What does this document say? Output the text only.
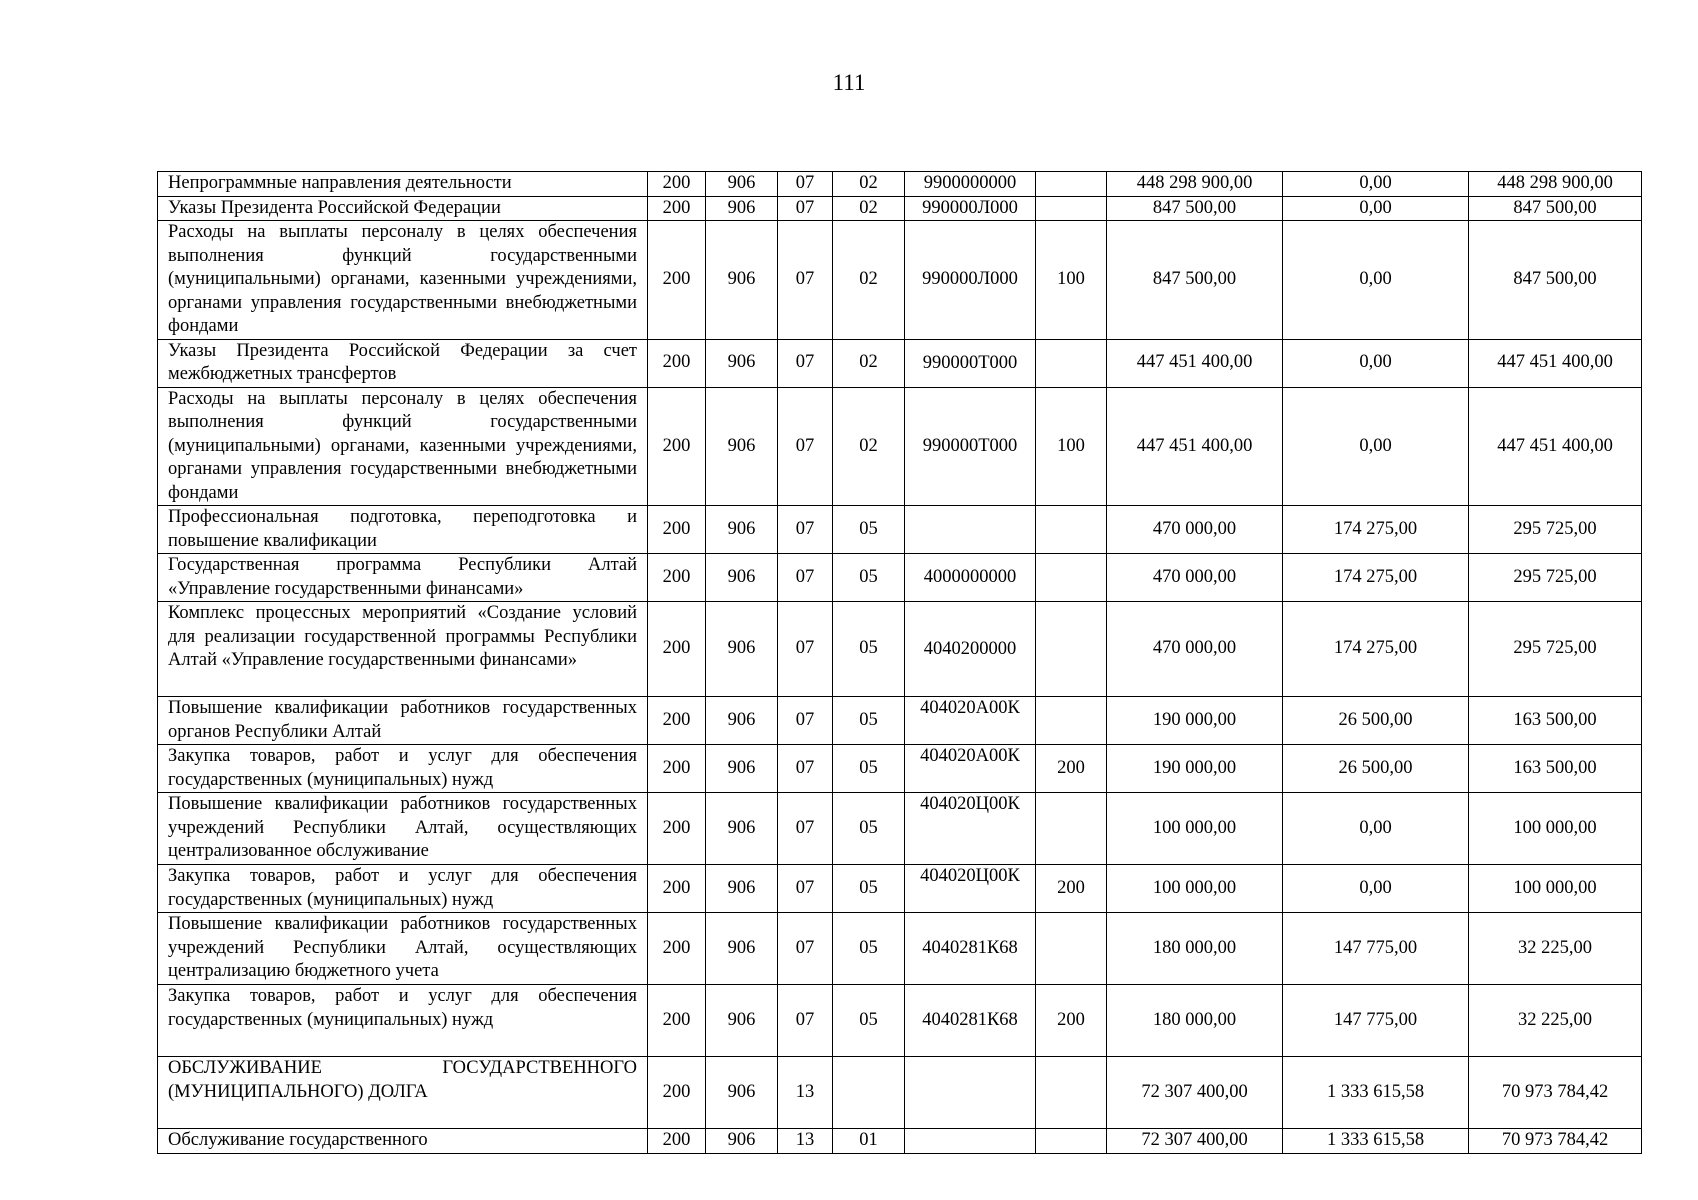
111
Непрограммные направления деятельности	200	906	07	02	9900000000		448 298 900,00	0,00	448 298 900,00
Указы Президента Российской Федерации	200	906	07	02	990000Л000		847 500,00	0,00	847 500,00
Расходы на выплаты персоналу в целях обеспечения выполнения функций государственными (муниципальными) органами, казенными учреждениями, органами управления государственными внебюджетными фондами	200	906	07	02	990000Л000	100	847 500,00	0,00	847 500,00
Указы Президента Российской Федерации за счет межбюджетных трансфертов	200	906	07	02	990000Т000		447 451 400,00	0,00	447 451 400,00
Расходы на выплаты персоналу в целях обеспечения выполнения функций государственными (муниципальными) органами, казенными учреждениями, органами управления государственными внебюджетными фондами	200	906	07	02	990000Т000	100	447 451 400,00	0,00	447 451 400,00
Профессиональная подготовка, переподготовка и повышение квалификации	200	906	07	05			470 000,00	174 275,00	295 725,00
Государственная программа Республики Алтай «Управление государственными финансами»	200	906	07	05	4000000000		470 000,00	174 275,00	295 725,00
Комплекс процессных мероприятий «Создание условий для реализации государственной программы Республики Алтай «Управление государственными финансами»	200	906	07	05	4040200000		470 000,00	174 275,00	295 725,00
Повышение квалификации работников государственных органов Республики Алтай	200	906	07	05	404020А00К		190 000,00	26 500,00	163 500,00
Закупка товаров, работ и услуг для обеспечения государственных (муниципальных) нужд	200	906	07	05	404020А00К	200	190 000,00	26 500,00	163 500,00
Повышение квалификации работников государственных учреждений Республики Алтай, осуществляющих централизованное обслуживание	200	906	07	05	404020Ц00К		100 000,00	0,00	100 000,00
Закупка товаров, работ и услуг для обеспечения государственных (муниципальных) нужд	200	906	07	05	404020Ц00К	200	100 000,00	0,00	100 000,00
Повышение квалификации работников государственных учреждений Республики Алтай, осуществляющих централизацию бюджетного учета	200	906	07	05	4040281К68		180 000,00	147 775,00	32 225,00
Закупка товаров, работ и услуг для обеспечения государственных (муниципальных) нужд	200	906	07	05	4040281К68	200	180 000,00	147 775,00	32 225,00
ОБСЛУЖИВАНИЕ ГОСУДАРСТВЕННОГО (МУНИЦИПАЛЬНОГО) ДОЛГА	200	906	13				72 307 400,00	1 333 615,58	70 973 784,42
Обслуживание государственного	200	906	13	01			72 307 400,00	1 333 615,58	70 973 784,42
